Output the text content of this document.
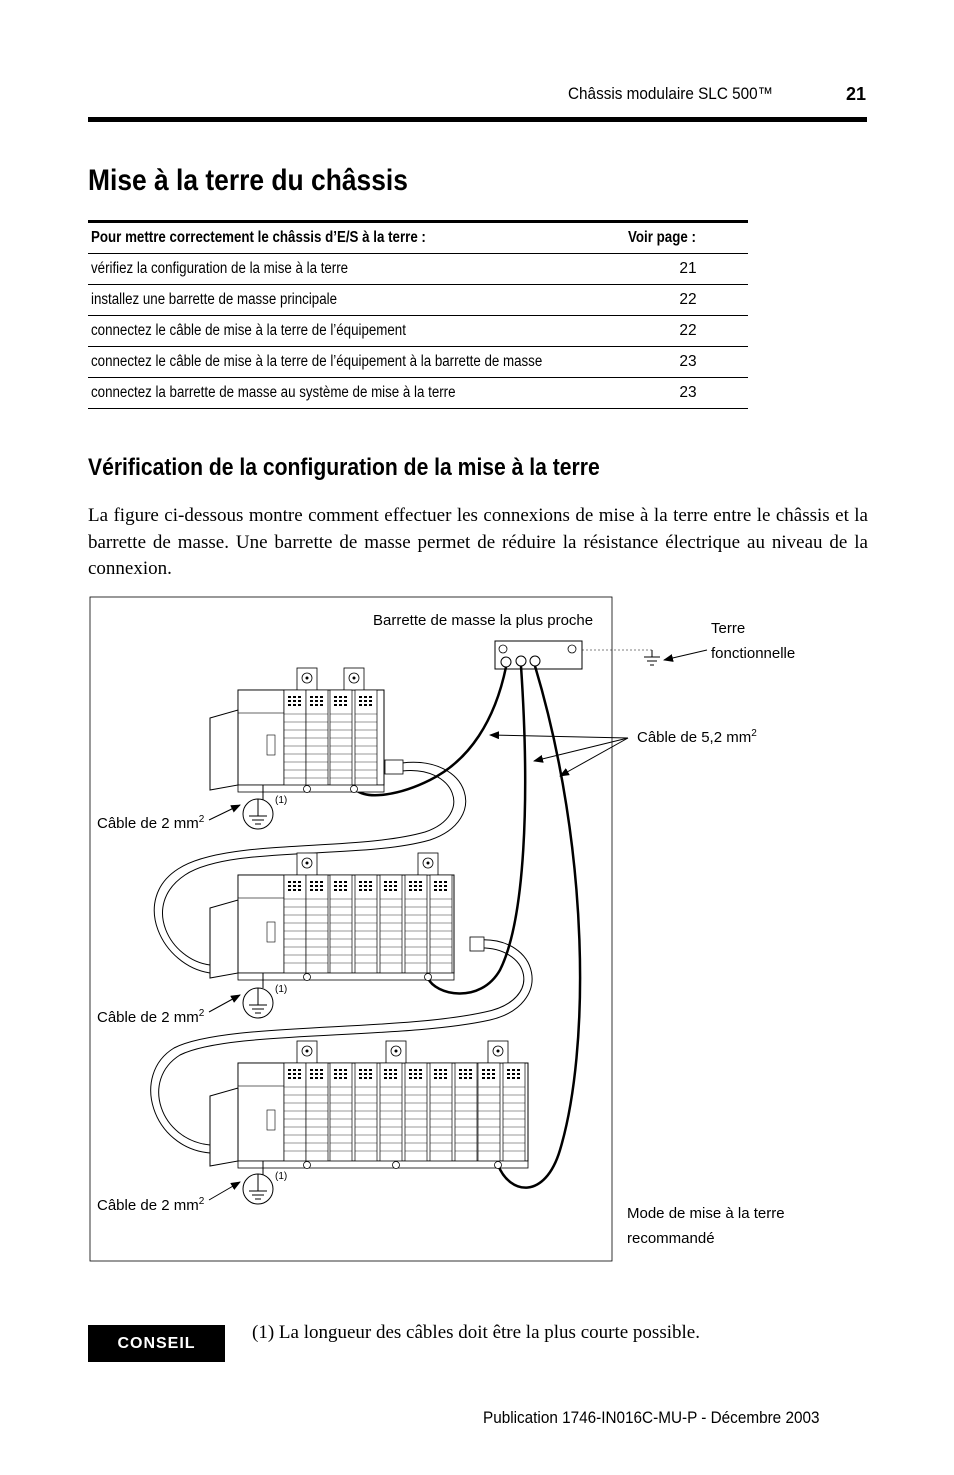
Châssis modulaire SLC 500™	21
Mise à la terre du châssis
Pour mettre correctement le châssis d’E/S à la terre :	Voir page :
vérifiez la configuration de la mise à la terre	21
installez une barrette de masse principale	22
connectez le câble de mise à la terre de l’équipement	22
connectez le câble de mise à la terre de l’équipement à la barrette de masse	23
connectez la barrette de masse au système de mise à la terre	23
Vérification de la configuration de la mise à la terre

La figure ci-dessous montre comment effectuer les connexions de mise à la terre entre le châssis et la barrette de masse. Une barrette de masse permet de réduire la résistance électrique au niveau de la connexion.

Barrette de masse la plus proche	Terre
fonctionnelle
Câble de 5,2 $mm^2$
(1)
Câble de 2 $mm^2$
(1)
Câble de 2 $mm^2$
(1)
Câble de 2 $mm^2$
Mode de mise à la terre
recommandé
CONSEIL	(1) La longueur des câbles doit être la plus courte possible.

Publication 1746-IN016C-MU-P - Décembre 2003
